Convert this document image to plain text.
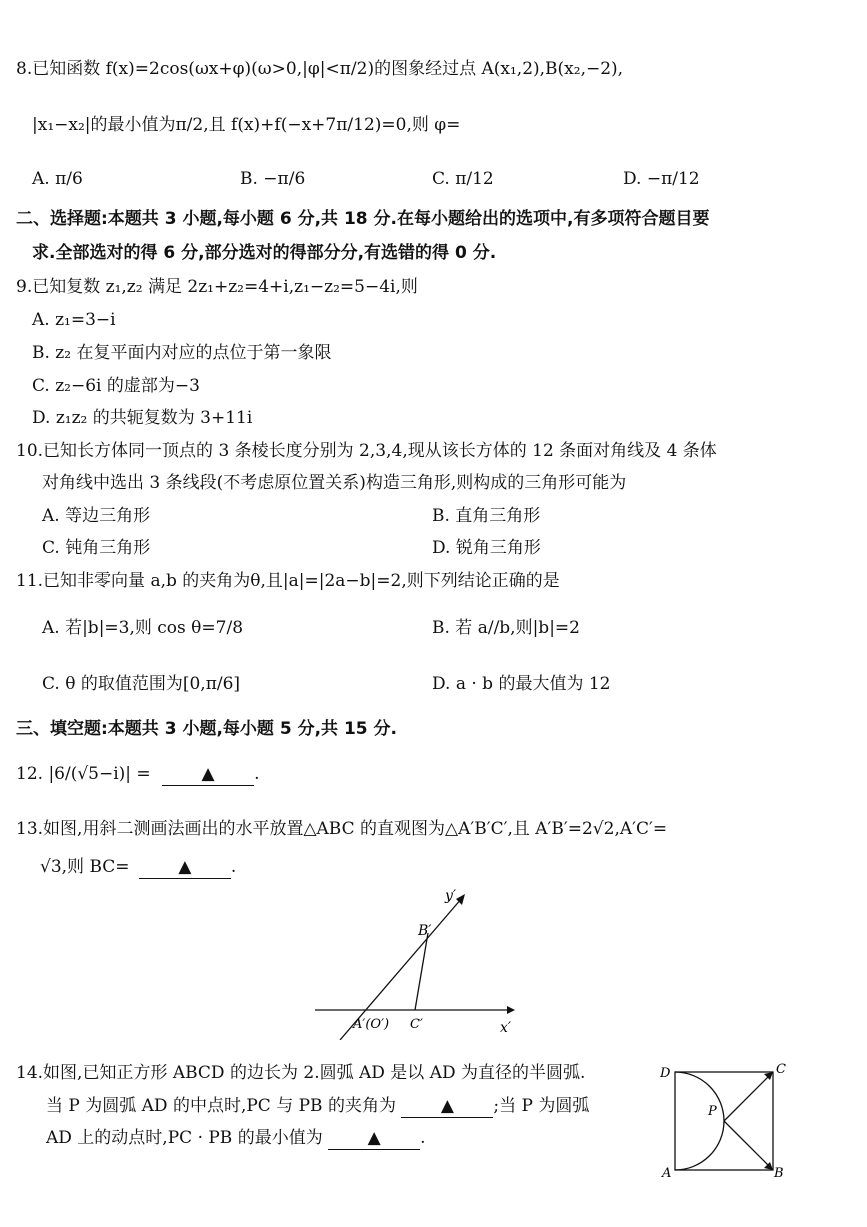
8.已知函数 f(x)=2cos(ωx+φ)(ω>0,|φ|<π/2)的图象经过点 A(x₁,2),B(x₂,−2),
|x₁−x₂|的最小值为π/2,且 f(x)+f(−x+7π/12)=0,则 φ=
A. π/6	B. −π/6	C. π/12	D. −π/12
二、选择题:本题共 3 小题,每小题 6 分,共 18 分.在每小题给出的选项中,有多项符合题目要
求.全部选对的得 6 分,部分选对的得部分分,有选错的得 0 分.
9.已知复数 z₁,z₂ 满足 2z₁+z₂=4+i,z₁−z₂=5−4i,则
A. z₁=3−i
B. z₂ 在复平面内对应的点位于第一象限
C. z₂−6i 的虚部为−3
D. z₁z₂ 的共轭复数为 3+11i
10.已知长方体同一顶点的 3 条棱长度分别为 2,3,4,现从该长方体的 12 条面对角线及 4 条体
对角线中选出 3 条线段(不考虑原位置关系)构造三角形,则构成的三角形可能为
A. 等边三角形	B. 直角三角形
C. 钝角三角形	D. 锐角三角形
11.已知非零向量 a,b 的夹角为θ,且|a|=|2a−b|=2,则下列结论正确的是
A. 若|b|=3,则 cos θ=7/8	B. 若 a//b,则|b|=2
C. θ 的取值范围为[0,π/6]	D. a · b 的最大值为 12
三、填空题:本题共 3 小题,每小题 5 分,共 15 分.
12. |6/(√5−i)| =	▲ .
13.如图,用斜二测画法画出的水平放置△ABC 的直观图为△A′B′C′,且 A′B′=2√2,A′C′=
√3,则 BC=	▲ .
y′
B′
A′(O′) C′	x′
14.如图,已知正方形 ABCD 的边长为 2.圆弧 AD 是以 AD 为直径的半圆弧.
当 P 为圆弧 AD 的中点时,PC 与 PB 的夹角为	▲ ;当 P 为圆弧
AD 上的动点时,PC · PB 的最小值为	▲ .
D	C
P
A	B
